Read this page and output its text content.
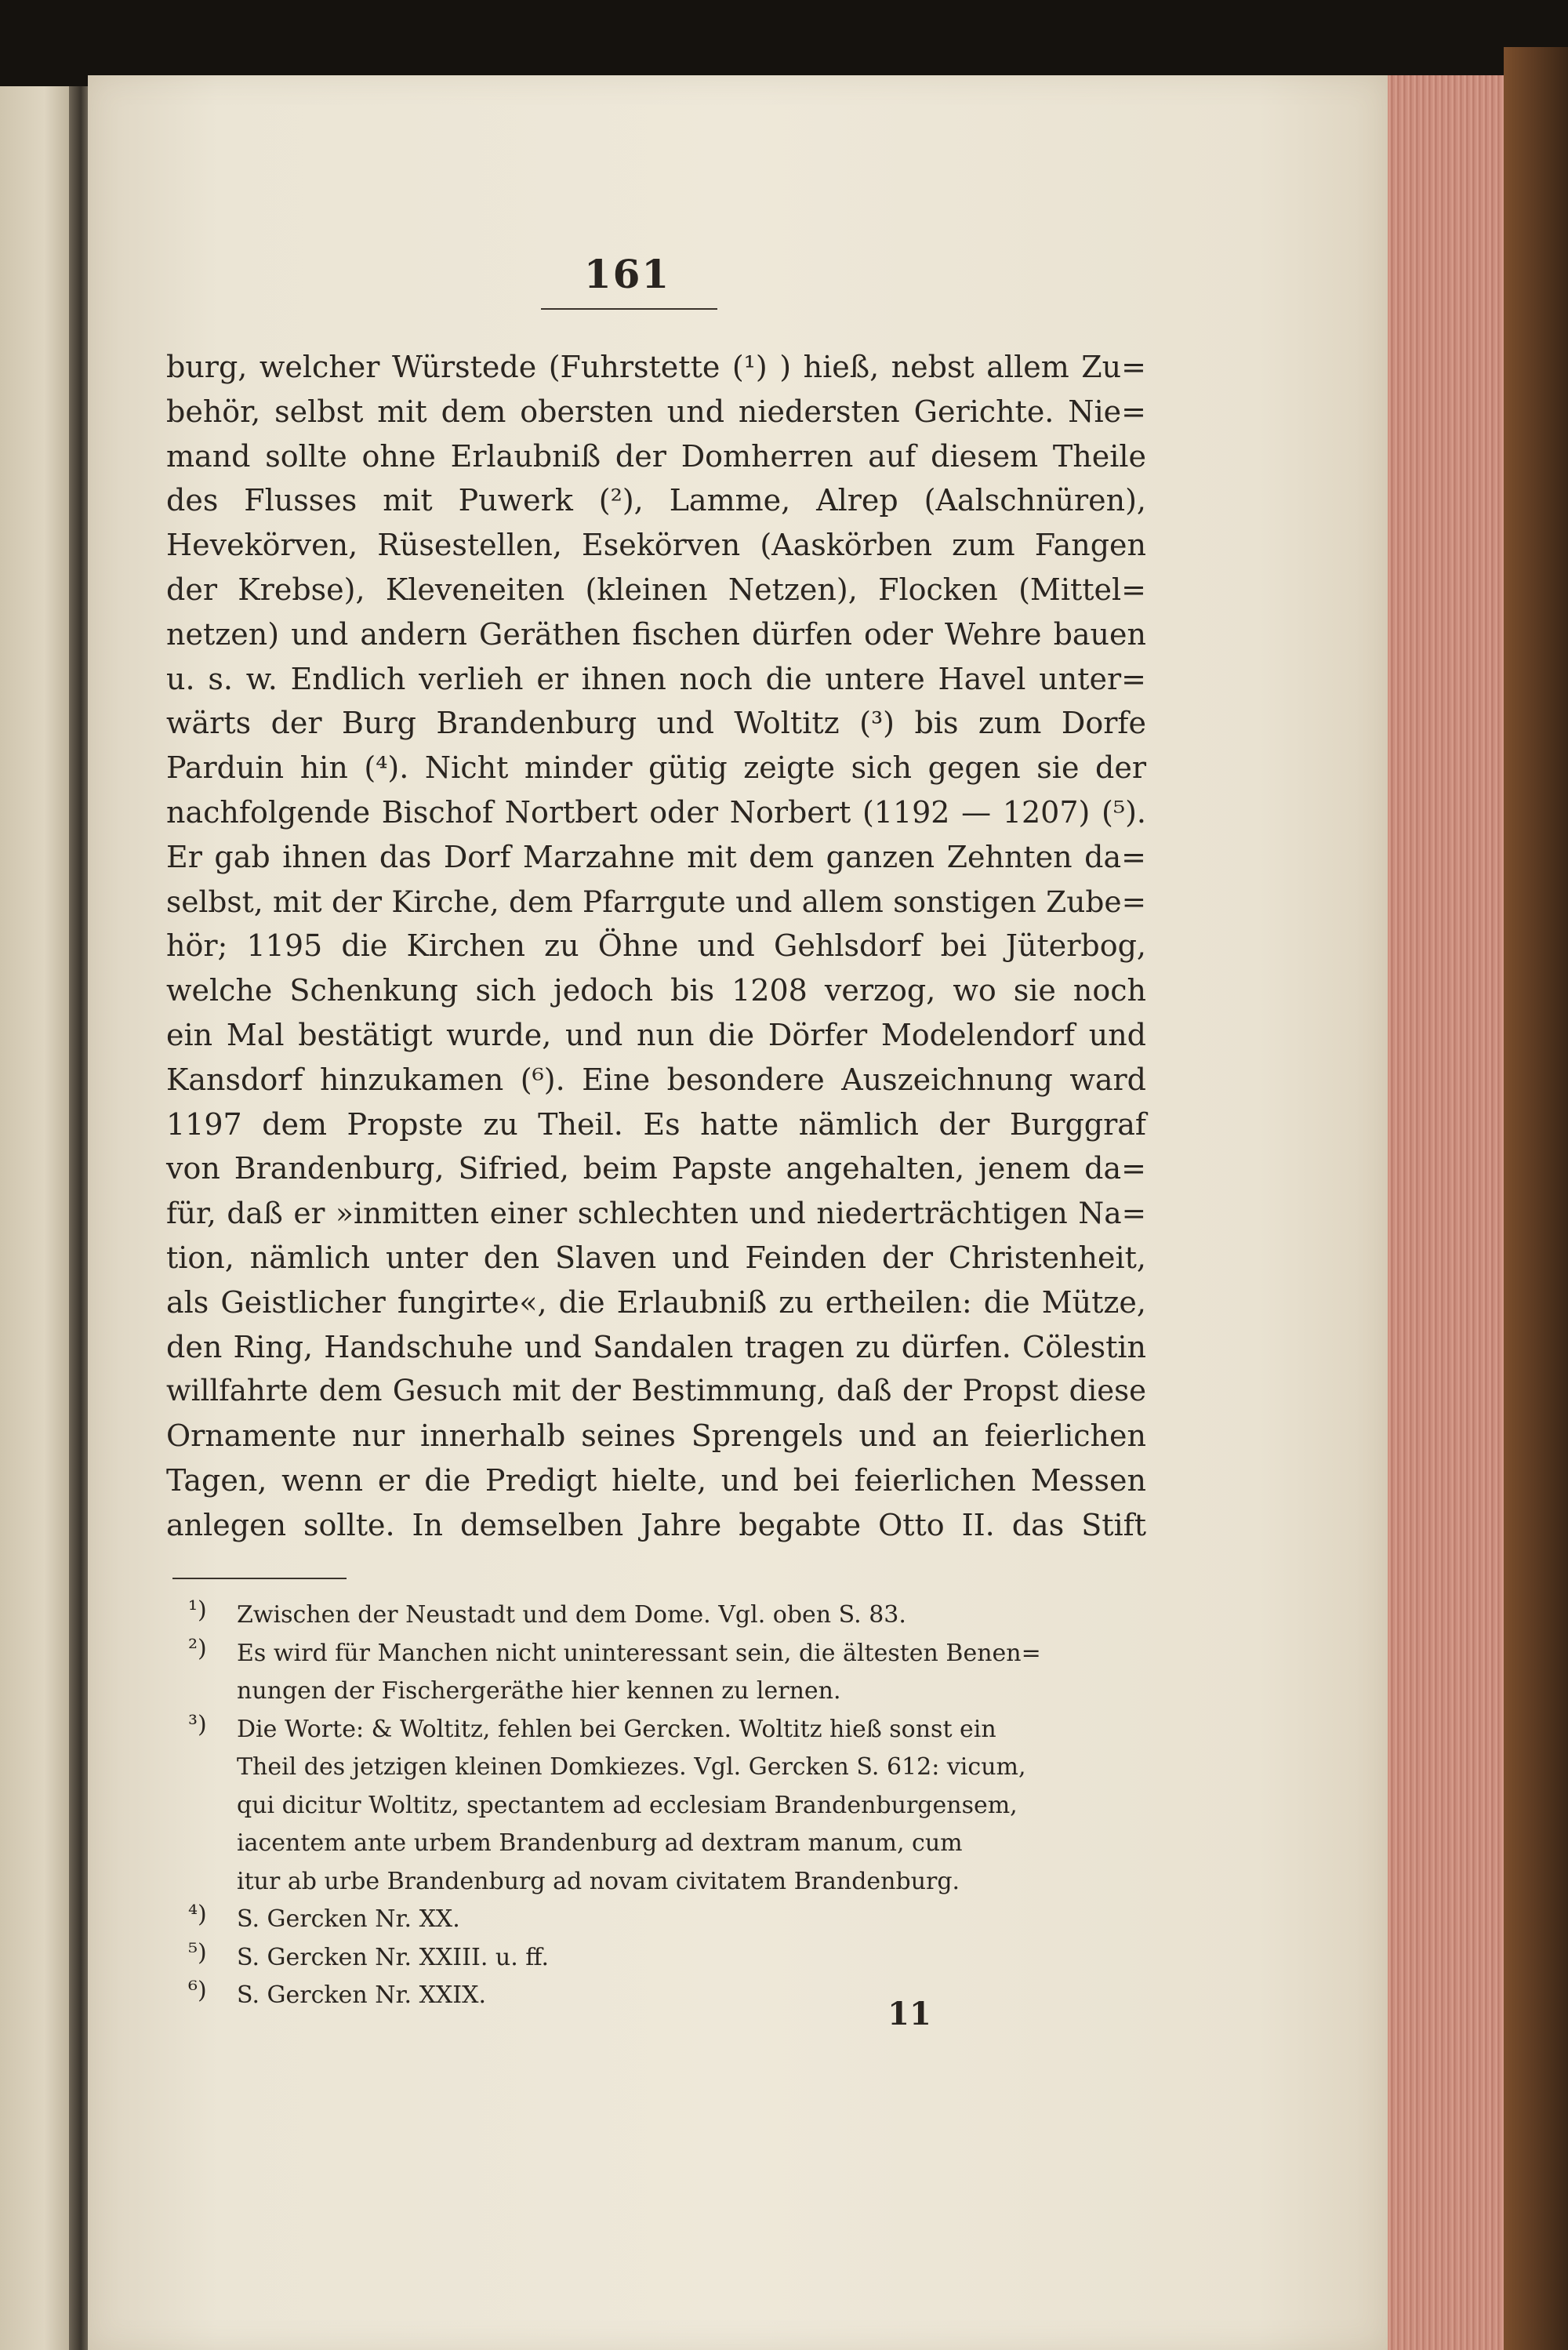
161
burg, welcher Würstede (Fuhrstette (¹) ) hieß, nebst allem Zu=
behör, selbst mit dem obersten und niedersten Gerichte. Nie=
mand sollte ohne Erlaubniß der Domherren auf diesem Theile
des Flusses mit Puwerk (²), Lamme, Alrep (Aalschnüren),
Hevekörven, Rüsestellen, Esekörven (Aaskörben zum Fangen
der Krebse), Kleveneiten (kleinen Netzen), Flocken (Mittel=
netzen) und andern Geräthen fischen dürfen oder Wehre bauen
u. s. w. Endlich verlieh er ihnen noch die untere Havel unter=
wärts der Burg Brandenburg und Woltitz (³) bis zum Dorfe
Parduin hin (⁴). Nicht minder gütig zeigte sich gegen sie der
nachfolgende Bischof Nortbert oder Norbert (1192 — 1207) (⁵).
Er gab ihnen das Dorf Marzahne mit dem ganzen Zehnten da=
selbst, mit der Kirche, dem Pfarrgute und allem sonstigen Zube=
hör; 1195 die Kirchen zu Öhne und Gehlsdorf bei Jüterbog,
welche Schenkung sich jedoch bis 1208 verzog, wo sie noch
ein Mal bestätigt wurde, und nun die Dörfer Modelendorf und
Kansdorf hinzukamen (⁶). Eine besondere Auszeichnung ward
1197 dem Propste zu Theil. Es hatte nämlich der Burggraf
von Brandenburg, Sifried, beim Papste angehalten, jenem da=
für, daß er »inmitten einer schlechten und niederträchtigen Na=
tion, nämlich unter den Slaven und Feinden der Christenheit,
als Geistlicher fungirte«, die Erlaubniß zu ertheilen: die Mütze,
den Ring, Handschuhe und Sandalen tragen zu dürfen. Cölestin
willfahrte dem Gesuch mit der Bestimmung, daß der Propst diese
Ornamente nur innerhalb seines Sprengels und an feierlichen
Tagen, wenn er die Predigt hielte, und bei feierlichen Messen
anlegen sollte. In demselben Jahre begabte Otto II. das Stift
¹)	Zwischen der Neustadt und dem Dome. Vgl. oben S. 83.
²)	Es wird für Manchen nicht uninteressant sein, die ältesten Benen=
nungen der Fischergeräthe hier kennen zu lernen.
³)	Die Worte: & Woltitz, fehlen bei Gercken. Woltitz hieß sonst ein
Theil des jetzigen kleinen Domkiezes. Vgl. Gercken S. 612: vicum,
qui dicitur Woltitz, spectantem ad ecclesiam Brandenburgensem,
iacentem ante urbem Brandenburg ad dextram manum, cum
itur ab urbe Brandenburg ad novam civitatem Brandenburg.
⁴)	S. Gercken Nr. XX.
⁵)	S. Gercken Nr. XXIII. u. ff.
⁶)	S. Gercken Nr. XXIX.
11
